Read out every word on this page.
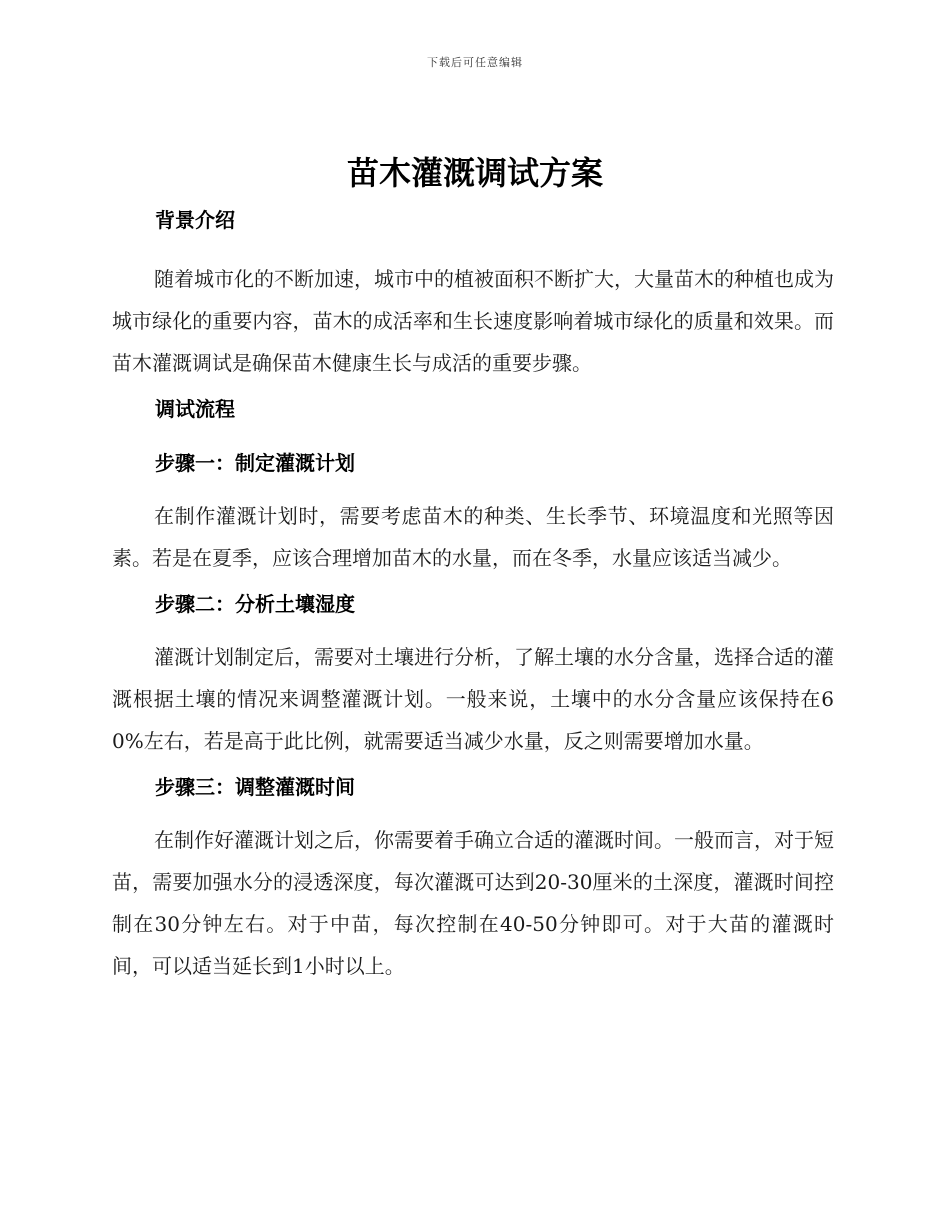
下载后可任意编辑
苗木灌溉调试方案

背景介绍

随着城市化的不断加速，城市中的植被面积不断扩大，大量苗木的种植也成为城市绿化的重要内容，苗木的成活率和生长速度影响着城市绿化的质量和效果。而苗木灌溉调试是确保苗木健康生长与成活的重要步骤。

调试流程

步骤一：制定灌溉计划

在制作灌溉计划时，需要考虑苗木的种类、生长季节、环境温度和光照等因素。若是在夏季，应该合理增加苗木的水量，而在冬季，水量应该适当减少。

步骤二：分析土壤湿度

灌溉计划制定后，需要对土壤进行分析，了解土壤的水分含量，选择合适的灌溉根据土壤的情况来调整灌溉计划。一般来说，土壤中的水分含量应该保持在60%左右，若是高于此比例，就需要适当减少水量，反之则需要增加水量。

步骤三：调整灌溉时间

在制作好灌溉计划之后，你需要着手确立合适的灌溉时间。一般而言，对于短苗，需要加强水分的浸透深度，每次灌溉可达到20-30厘米的土深度，灌溉时间控制在30分钟左右。对于中苗，每次控制在40-50分钟即可。对于大苗的灌溉时间，可以适当延长到1小时以上。
